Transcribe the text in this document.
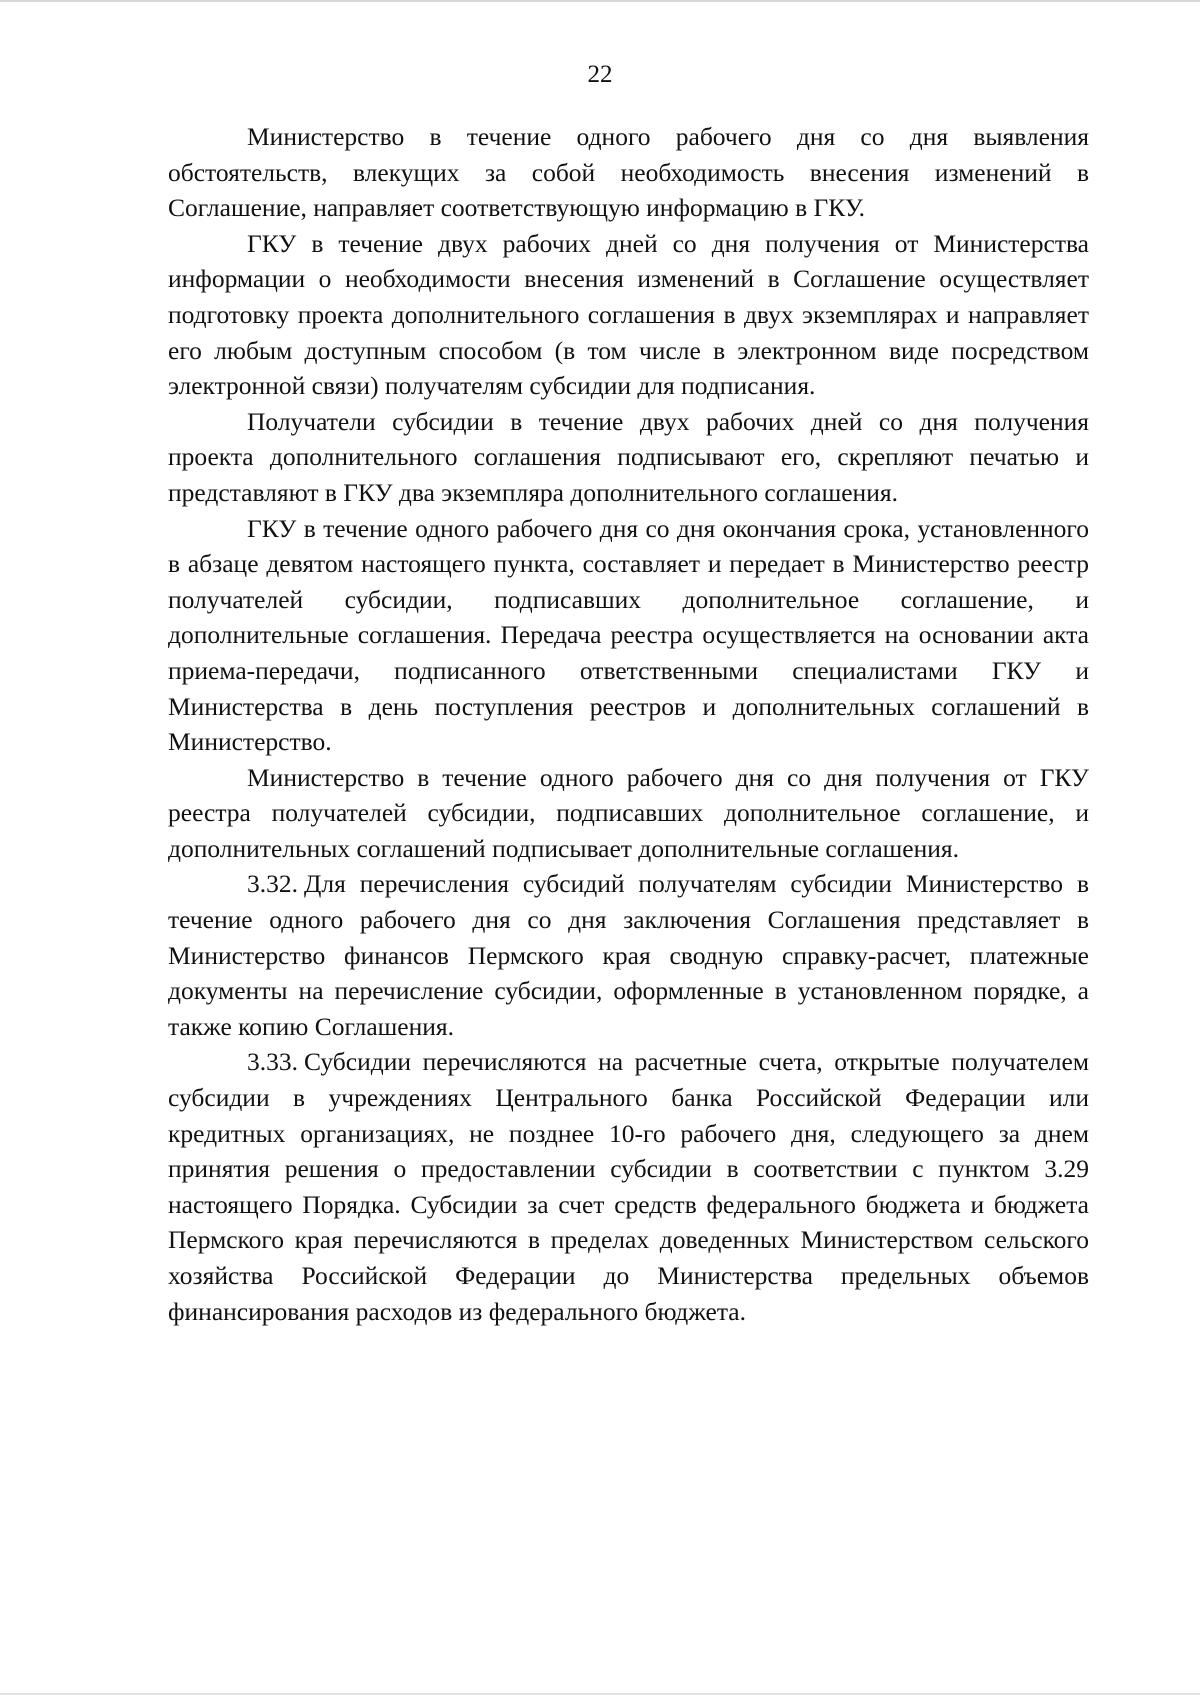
22

Министерство в течение одного рабочего дня со дня выявления обстоятельств, влекущих за собой необходимость внесения изменений в Соглашение, направляет соответствующую информацию в ГКУ.

ГКУ в течение двух рабочих дней со дня получения от Министерства информации о необходимости внесения изменений в Соглашение осуществляет подготовку проекта дополнительного соглашения в двух экземплярах и направляет его любым доступным способом (в том числе в электронном виде посредством электронной связи) получателям субсидии для подписания.

Получатели субсидии в течение двух рабочих дней со дня получения проекта дополнительного соглашения подписывают его, скрепляют печатью и представляют в ГКУ два экземпляра дополнительного соглашения.

ГКУ в течение одного рабочего дня со дня окончания срока, установленного в абзаце девятом настоящего пункта, составляет и передает в Министерство реестр получателей субсидии, подписавших дополнительное соглашение, и дополнительные соглашения. Передача реестра осуществляется на основании акта приема-передачи, подписанного ответственными специалистами ГКУ и Министерства в день поступления реестров и дополнительных соглашений в Министерство.

Министерство в течение одного рабочего дня со дня получения от ГКУ реестра получателей субсидии, подписавших дополнительное соглашение, и дополнительных соглашений подписывает дополнительные соглашения.

3.32. Для перечисления субсидий получателям субсидии Министерство в течение одного рабочего дня со дня заключения Соглашения представляет в Министерство финансов Пермского края сводную справку-расчет, платежные документы на перечисление субсидии, оформленные в установленном порядке, а также копию Соглашения.

3.33. Субсидии перечисляются на расчетные счета, открытые получателем субсидии в учреждениях Центрального банка Российской Федерации или кредитных организациях, не позднее 10-го рабочего дня, следующего за днем принятия решения о предоставлении субсидии в соответствии с пунктом 3.29 настоящего Порядка. Субсидии за счет средств федерального бюджета и бюджета Пермского края перечисляются в пределах доведенных Министерством сельского хозяйства Российской Федерации до Министерства предельных объемов финансирования расходов из федерального бюджета.
